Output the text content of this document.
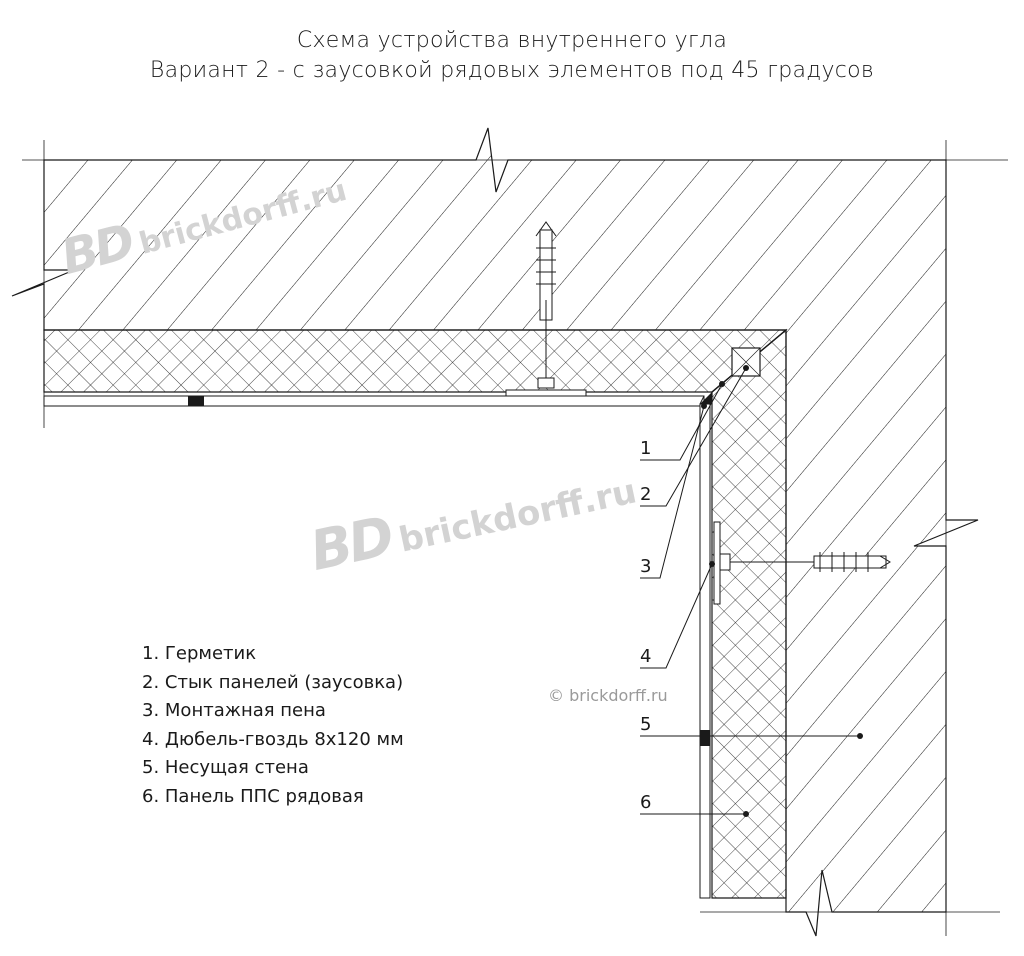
Схема устройства внутреннего угла
Вариант 2 - с заусовкой рядовых элементов под 45 градусов
1
2
3
4
5
6
1. Герметик
2. Стык панелей (заусовка)
3. Монтажная пена
4. Дюбель-гвоздь 8х120 мм
5. Несущая стена
6. Панель ППС рядовая
BDbrickdorff.ru
BDbrickdorff.ru
© brickdorff.ru
